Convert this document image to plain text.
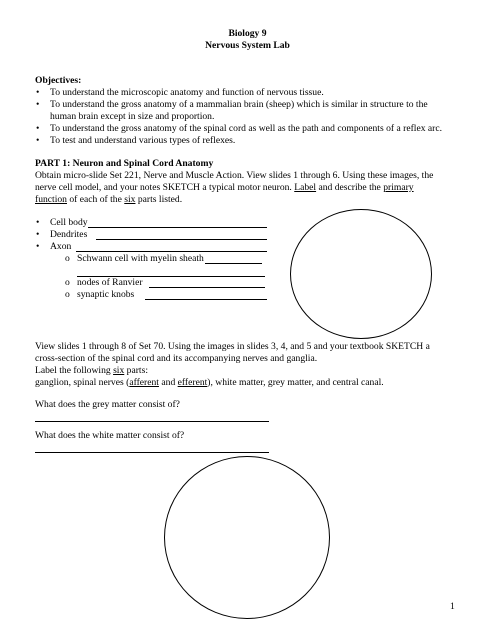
Biology 9
Nervous System Lab
Objectives:
• To understand the microscopic anatomy and function of nervous tissue.
• To understand the gross anatomy of a mammalian brain (sheep) which is similar in structure to the
human brain except in size and proportion.
• To understand the gross anatomy of the spinal cord as well as the path and components of a reflex arc.
• To test and understand various types of reflexes.
PART 1: Neuron and Spinal Cord Anatomy
Obtain micro-slide Set 221, Nerve and Muscle Action. View slides 1 through 6. Using these images, the
nerve cell model, and your notes SKETCH a typical motor neuron. Label and describe the primary
function of each of the six parts listed.
• Cell body
• Dendrites
• Axon
o Schwann cell with myelin sheath
o nodes of Ranvier
o synaptic knobs
View slides 1 through 8 of Set 70. Using the images in slides 3, 4, and 5 and your textbook SKETCH a
cross-section of the spinal cord and its accompanying nerves and ganglia.
Label the following six parts:
ganglion, spinal nerves (afferent and efferent), white matter, grey matter, and central canal.
What does the grey matter consist of?
What does the white matter consist of?
1
